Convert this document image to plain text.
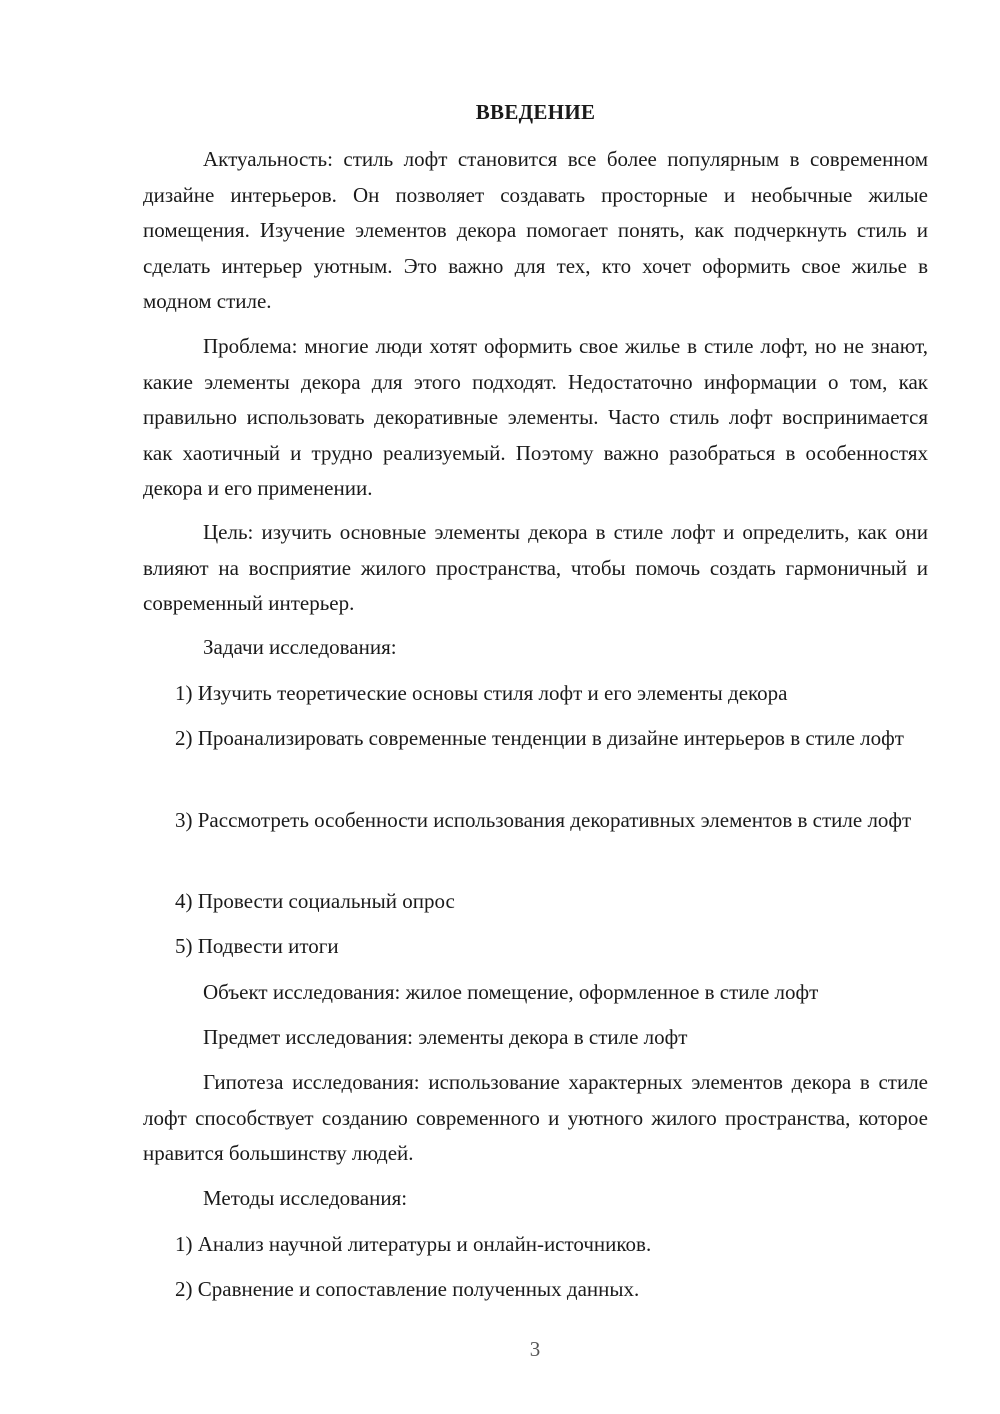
ВВЕДЕНИЕ

Актуальность: стиль лофт становится все более популярным в современном дизайне интерьеров. Он позволяет создавать просторные и необычные жилые помещения. Изучение элементов декора помогает понять, как подчеркнуть стиль и сделать интерьер уютным. Это важно для тех, кто хочет оформить свое жилье в модном стиле.

Проблема: многие люди хотят оформить свое жилье в стиле лофт, но не знают, какие элементы декора для этого подходят. Недостаточно информации о том, как правильно использовать декоративные элементы. Часто стиль лофт воспринимается как хаотичный и трудно реализуемый. Поэтому важно разобраться в особенностях декора и его применении.

Цель: изучить основные элементы декора в стиле лофт и определить, как они влияют на восприятие жилого пространства, чтобы помочь создать гармоничный и современный интерьер.

Задачи исследования:

1) Изучить теоретические основы стиля лофт и его элементы декора

2) Проанализировать современные тенденции в дизайне интерьеров в стиле лофт

3) Рассмотреть особенности использования декоративных элементов в стиле лофт

4) Провести социальный опрос

5) Подвести итоги

Объект исследования: жилое помещение, оформленное в стиле лофт

Предмет исследования: элементы декора в стиле лофт

Гипотеза исследования: использование характерных элементов декора в стиле лофт способствует созданию современного и уютного жилого пространства, которое нравится большинству людей.

Методы исследования:

1) Анализ научной литературы и онлайн-источников.

2) Сравнение и сопоставление полученных данных.

3
